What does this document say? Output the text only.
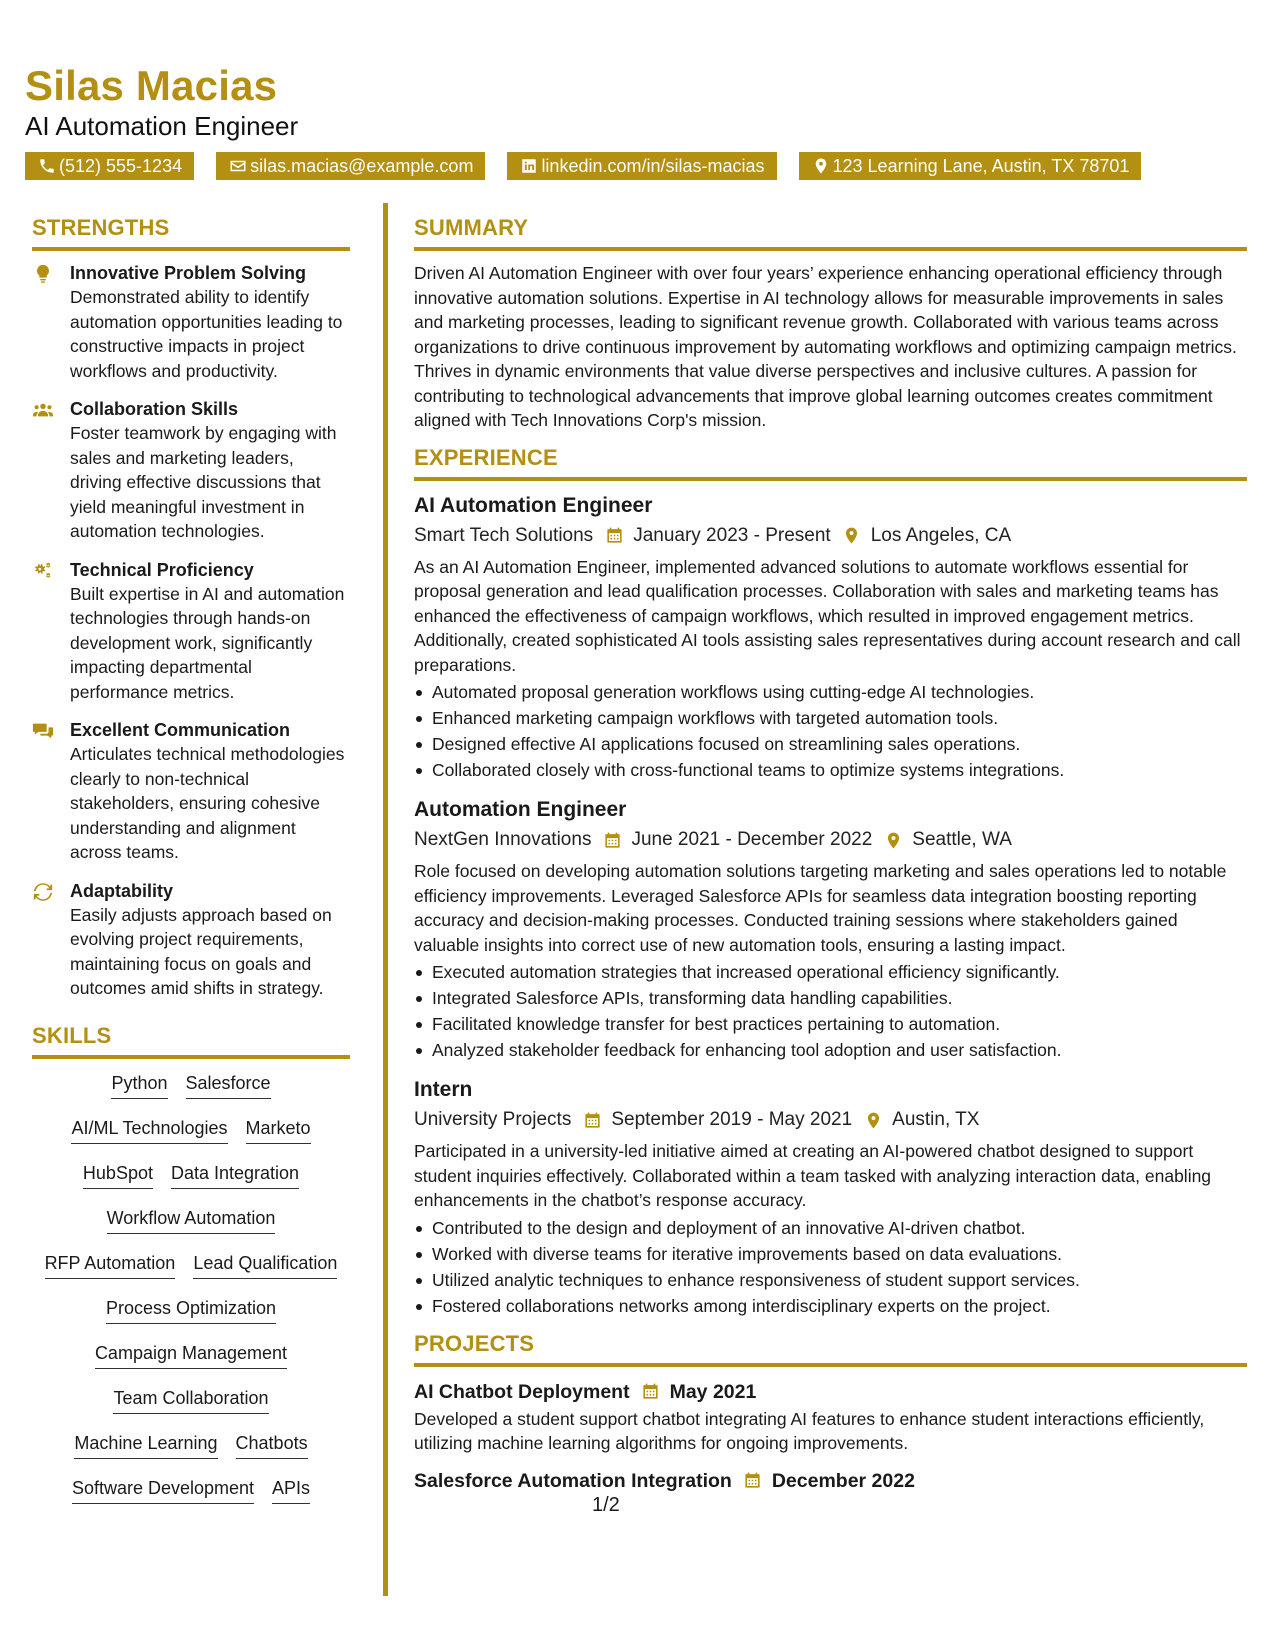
Silas Macias
AI Automation Engineer
(512) 555-1234	silas.macias@example.com	linkedin.com/in/silas-macias	123 Learning Lane, Austin, TX 78701
STRENGTHS
Innovative Problem Solving
Demonstrated ability to identify automation opportunities leading to constructive impacts in project workflows and productivity.
Collaboration Skills
Foster teamwork by engaging with sales and marketing leaders, driving effective discussions that yield meaningful investment in automation technologies.
Technical Proficiency
Built expertise in AI and automation technologies through hands-on development work, significantly impacting departmental performance metrics.
Excellent Communication
Articulates technical methodologies clearly to non-technical stakeholders, ensuring cohesive understanding and alignment across teams.
Adaptability
Easily adjusts approach based on evolving project requirements, maintaining focus on goals and outcomes amid shifts in strategy.
SKILLS
Python Salesforce
AI/ML Technologies Marketo
HubSpot Data Integration
Workflow Automation
RFP Automation Lead Qualification
Process Optimization
Campaign Management
Team Collaboration
Machine Learning Chatbots
Software Development APIs
SUMMARY
Driven AI Automation Engineer with over four years’ experience enhancing operational efficiency through innovative automation solutions. Expertise in AI technology allows for measurable improvements in sales and marketing processes, leading to significant revenue growth. Collaborated with various teams across organizations to drive continuous improvement by automating workflows and optimizing campaign metrics. Thrives in dynamic environments that value diverse perspectives and inclusive cultures. A passion for contributing to technological advancements that improve global learning outcomes creates commitment aligned with Tech Innovations Corp's mission.
EXPERIENCE
AI Automation Engineer
Smart Tech Solutions January 2023 - Present Los Angeles, CA
As an AI Automation Engineer, implemented advanced solutions to automate workflows essential for proposal generation and lead qualification processes. Collaboration with sales and marketing teams has enhanced the effectiveness of campaign workflows, which resulted in improved engagement metrics. Additionally, created sophisticated AI tools assisting sales representatives during account research and call preparations.
Automated proposal generation workflows using cutting-edge AI technologies.
Enhanced marketing campaign workflows with targeted automation tools.
Designed effective AI applications focused on streamlining sales operations.
Collaborated closely with cross-functional teams to optimize systems integrations.
Automation Engineer
NextGen Innovations June 2021 - December 2022 Seattle, WA
Role focused on developing automation solutions targeting marketing and sales operations led to notable efficiency improvements. Leveraged Salesforce APIs for seamless data integration boosting reporting accuracy and decision-making processes. Conducted training sessions where stakeholders gained valuable insights into correct use of new automation tools, ensuring a lasting impact.
Executed automation strategies that increased operational efficiency significantly.
Integrated Salesforce APIs, transforming data handling capabilities.
Facilitated knowledge transfer for best practices pertaining to automation.
Analyzed stakeholder feedback for enhancing tool adoption and user satisfaction.
Intern
University Projects September 2019 - May 2021 Austin, TX
Participated in a university-led initiative aimed at creating an AI-powered chatbot designed to support student inquiries effectively. Collaborated within a team tasked with analyzing interaction data, enabling enhancements in the chatbot’s response accuracy.
Contributed to the design and deployment of an innovative AI-driven chatbot.
Worked with diverse teams for iterative improvements based on data evaluations.
Utilized analytic techniques to enhance responsiveness of student support services.
Fostered collaborations networks among interdisciplinary experts on the project.
PROJECTS
AI Chatbot Deployment May 2021
Developed a student support chatbot integrating AI features to enhance student interactions efficiently, utilizing machine learning algorithms for ongoing improvements.
Salesforce Automation Integration December 2022
1/2
